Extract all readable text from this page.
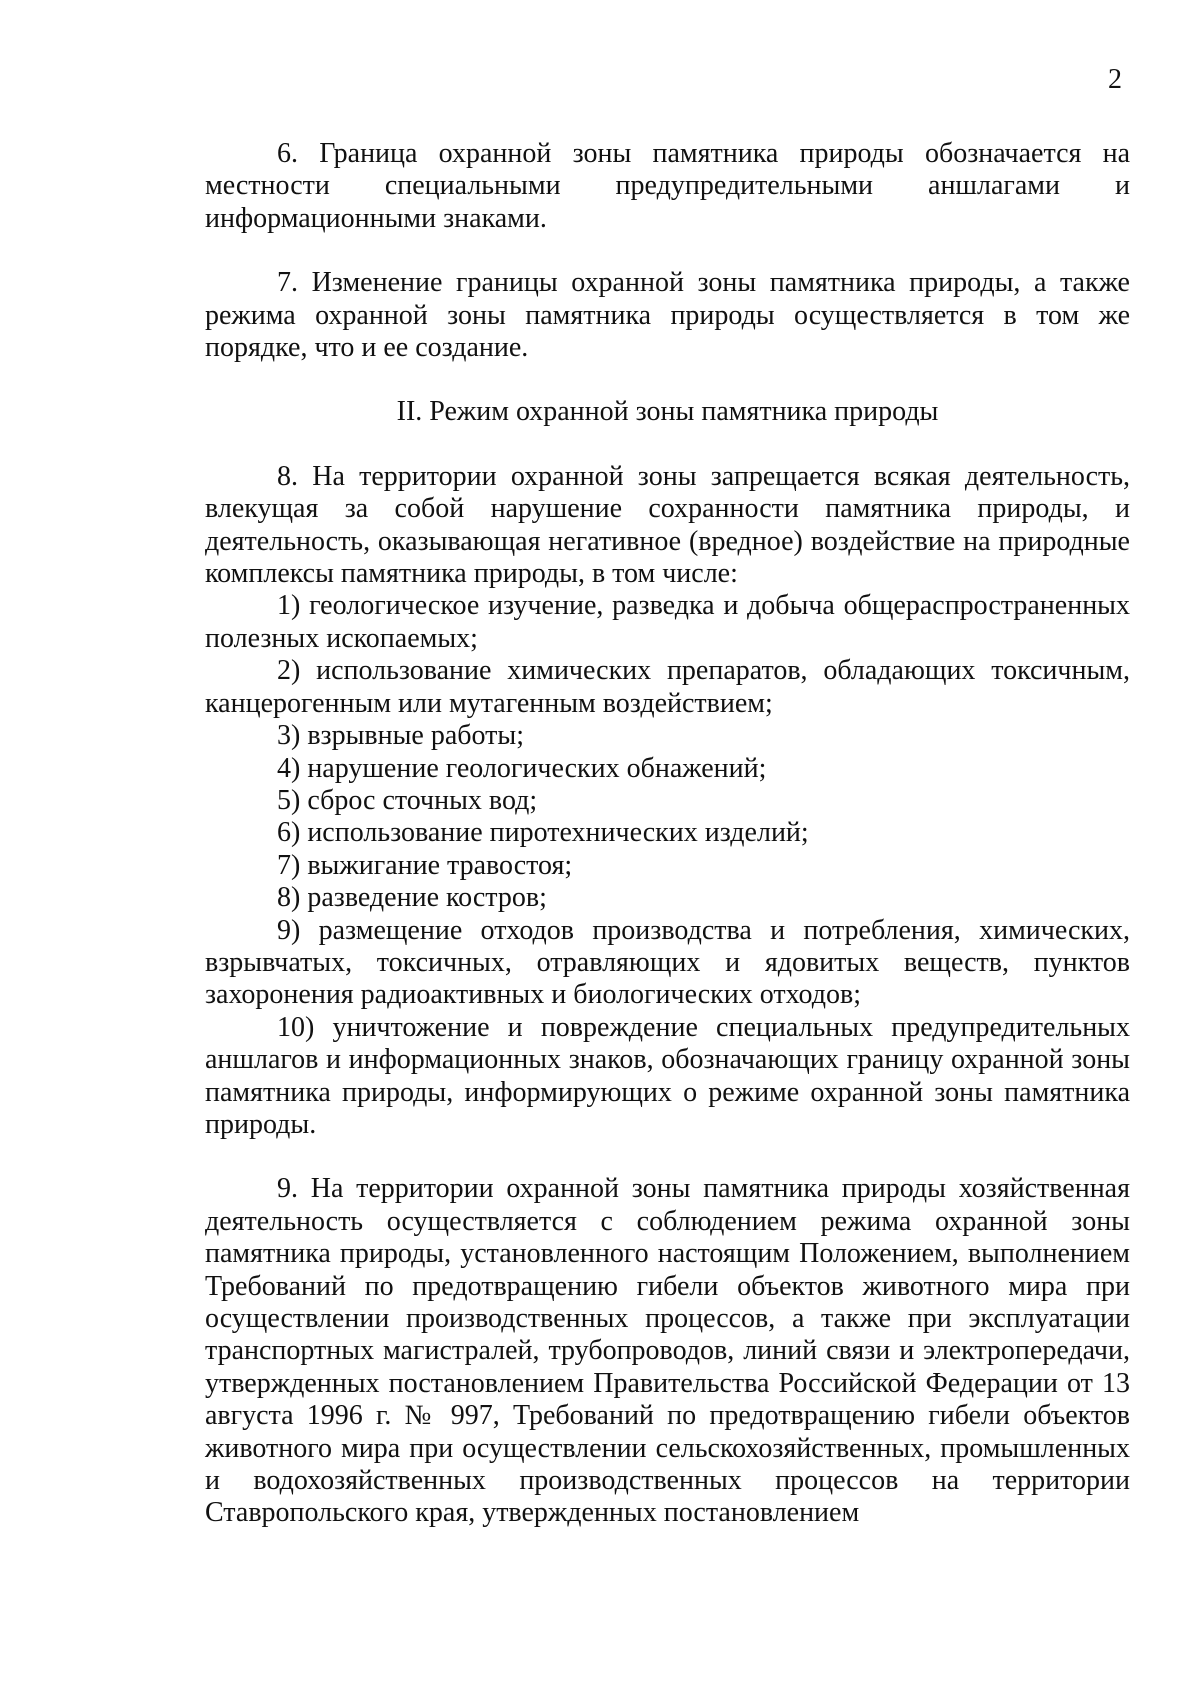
2

6. Граница охранной зоны памятника природы обозначается на местности специальными предупредительными аншлагами и информационными знаками.

7. Изменение границы охранной зоны памятника природы, а также режима охранной зоны памятника природы осуществляется в том же порядке, что и ее создание.

II. Режим охранной зоны памятника природы

8. На территории охранной зоны запрещается всякая деятельность, влекущая за собой нарушение сохранности памятника природы, и деятельность, оказывающая негативное (вредное) воздействие на природные комплексы памятника природы, в том числе:

1) геологическое изучение, разведка и добыча общераспространенных полезных ископаемых;

2) использование химических препаратов, обладающих токсичным, канцерогенным или мутагенным воздействием;

3) взрывные работы;

4) нарушение геологических обнажений;

5) сброс сточных вод;

6) использование пиротехнических изделий;

7) выжигание травостоя;

8) разведение костров;

9) размещение отходов производства и потребления, химических, взрывчатых, токсичных, отравляющих и ядовитых веществ, пунктов захоронения радиоактивных и биологических отходов;

10) уничтожение и повреждение специальных предупредительных аншлагов и информационных знаков, обозначающих границу охранной зоны памятника природы, информирующих о режиме охранной зоны памятника природы.

9. На территории охранной зоны памятника природы хозяйственная деятельность осуществляется с соблюдением режима охранной зоны памятника природы, установленного настоящим Положением, выполнением Требований по предотвращению гибели объектов животного мира при осуществлении производственных процессов, а также при эксплуатации транспортных магистралей, трубопроводов, линий связи и электропередачи, утвержденных постановлением Правительства Российской Федерации от 13 августа 1996 г. № 997, Требований по предотвращению гибели объектов животного мира при осуществлении сельскохозяйственных, промышленных и водохозяйственных производственных процессов на территории Ставропольского края, утвержденных постановлением
